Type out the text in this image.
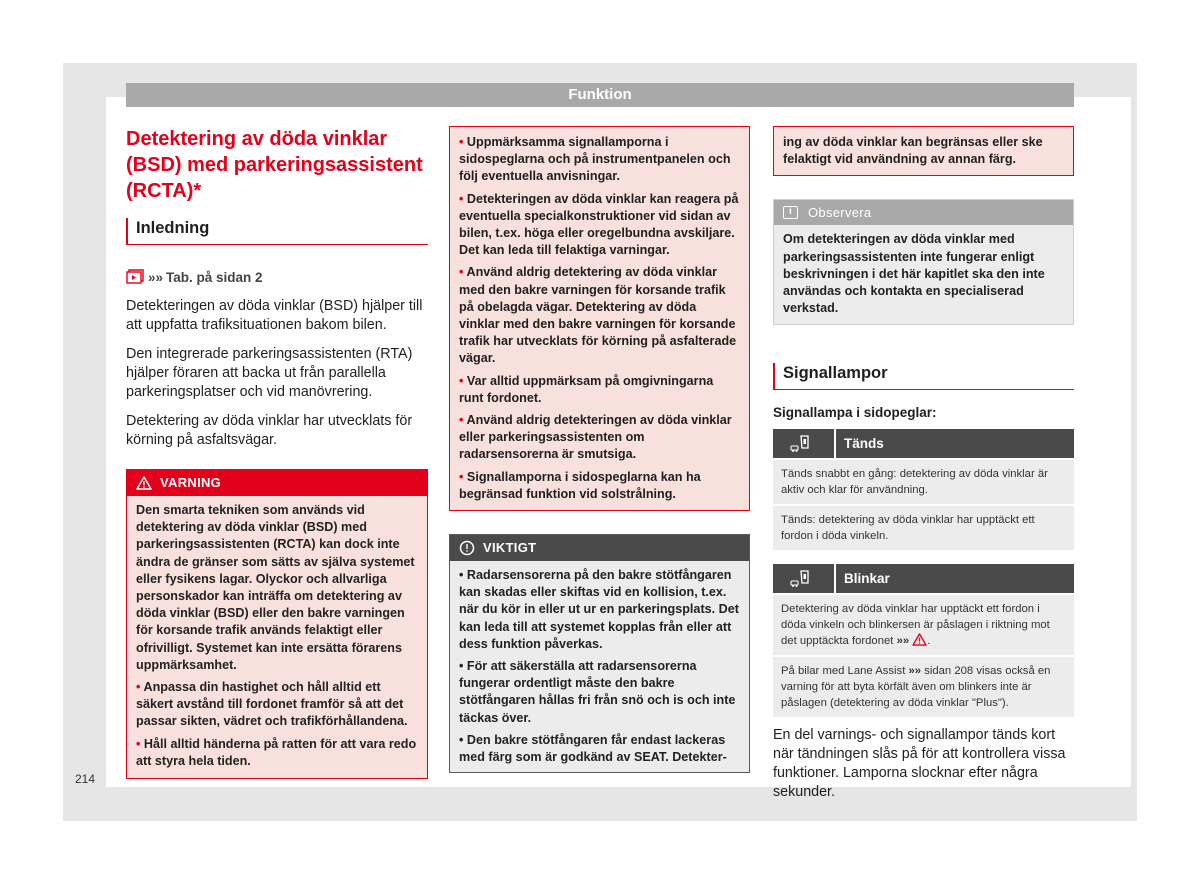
Funktion
Detektering av döda vinklar (BSD) med parkeringsassistent (RCTA)*
Inledning
»» Tab. på sidan 2

Detekteringen av döda vinklar (BSD) hjälper till att uppfatta trafiksituationen bakom bilen.

Den integrerade parkeringsassistenten (RTA) hjälper föraren att backa ut från parallella parkeringsplatser och vid manövrering.

Detektering av döda vinklar har utvecklats för körning på asfaltsvägar.

VARNING

Den smarta tekniken som används vid detektering av döda vinklar (BSD) med parkeringsassistenten (RCTA) kan dock inte ändra de gränser som sätts av själva systemet eller fysikens lagar. Olyckor och allvarliga personskador kan inträffa om detektering av döda vinklar (BSD) eller den bakre varningen för korsande trafik används felaktigt eller ofrivilligt. Systemet kan inte ersätta förarens uppmärksamhet.

• Anpassa din hastighet och håll alltid ett säkert avstånd till fordonet framför så att det passar sikten, vädret och trafikförhållandena.

• Håll alltid händerna på ratten för att vara redo att styra hela tiden.

• Uppmärksamma signallamporna i sidospeglarna och på instrumentpanelen och följ eventuella anvisningar.

• Detekteringen av döda vinklar kan reagera på eventuella specialkonstruktioner vid sidan av bilen, t.ex. höga eller oregelbundna avskiljare. Det kan leda till felaktiga varningar.

• Använd aldrig detektering av döda vinklar med den bakre varningen för korsande trafik på obelagda vägar. Detektering av döda vinklar med den bakre varningen för korsande trafik har utvecklats för körning på asfalterade vägar.

• Var alltid uppmärksam på omgivningarna runt fordonet.

• Använd aldrig detekteringen av döda vinklar eller parkeringsassistenten om radarsensorerna är smutsiga.

• Signallamporna i sidospeglarna kan ha begränsad funktion vid solstrålning.

VIKTIGT

• Radarsensorerna på den bakre stötfångaren kan skadas eller skiftas vid en kollision, t.ex. när du kör in eller ut ur en parkeringsplats. Det kan leda till att systemet kopplas från eller att dess funktion påverkas.

• För att säkerställa att radarsensorerna fungerar ordentligt måste den bakre stötfångaren hållas fri från snö och is och inte täckas över.

• Den bakre stötfångaren får endast lackeras med färg som är godkänd av SEAT. Detekter-

ing av döda vinklar kan begränsas eller ske felaktigt vid användning av annan färg.

i	Observera
Om detekteringen av döda vinklar med parkeringsassistenten inte fungerar enligt beskrivningen i det här kapitlet ska den inte användas och kontakta en specialiserad verkstad.
Signallampor

Signallampa i sidopeglar:

Tänds
Tänds snabbt en gång: detektering av döda vinklar är aktiv och klar för användning.
Tänds: detektering av döda vinklar har upptäckt ett fordon i döda vinkeln.
Blinkar
Detektering av döda vinklar har upptäckt ett fordon i döda vinkeln och blinkersen är påslagen i riktning mot det upptäckta fordonet »» .
På bilar med Lane Assist »» sidan 208 visas också en varning för att byta körfält även om blinkers inte är påslagen (detektering av döda vinklar "Plus").

En del varnings- och signallampor tänds kort när tändningen slås på för att kontrollera vissa funktioner. Lamporna slocknar efter några sekunder.

214
